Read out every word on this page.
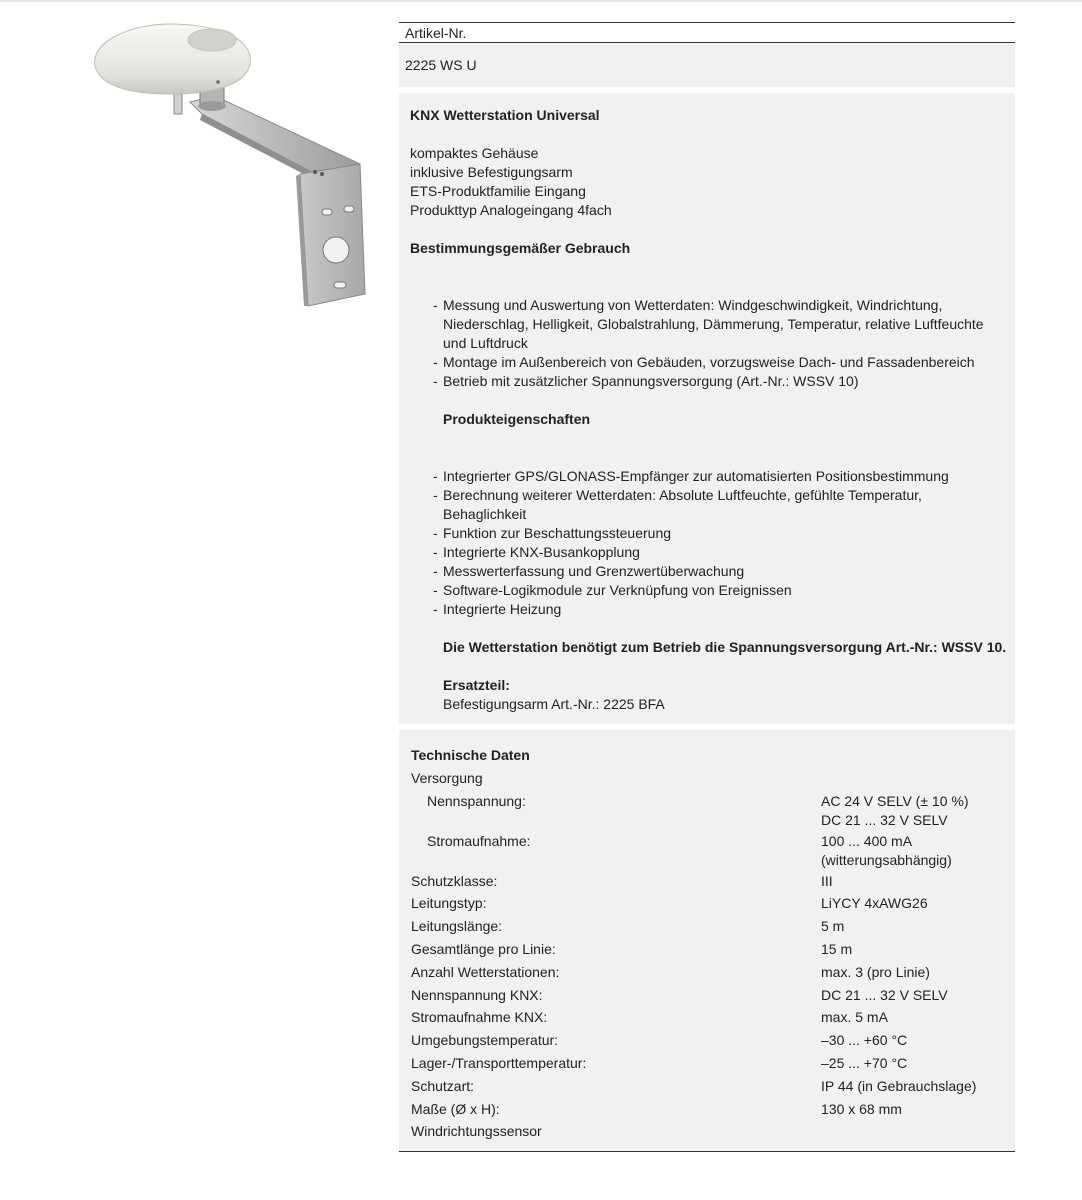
Artikel-Nr.
2225 WS U
KNX Wetterstation Universal
kompaktes Gehäuse
inklusive Befestigungsarm
ETS-Produktfamilie Eingang
Produkttyp Analogeingang 4fach
Bestimmungsgemäßer Gebrauch
- Messung und Auswertung von Wetterdaten: Windgeschwindigkeit, Windrichtung, Niederschlag, Helligkeit, Globalstrahlung, Dämmerung, Temperatur, relative Luftfeuchte und Luftdruck
- Montage im Außenbereich von Gebäuden, vorzugsweise Dach- und Fassadenbereich
- Betrieb mit zusätzlicher Spannungsversorgung (Art.-Nr.: WSSV 10)
Produkteigenschaften
- Integrierter GPS/GLONASS-Empfänger zur automatisierten Positionsbestimmung
- Berechnung weiterer Wetterdaten: Absolute Luftfeuchte, gefühlte Temperatur, Behaglichkeit
- Funktion zur Beschattungssteuerung
- Integrierte KNX-Busankopplung
- Messwerterfassung und Grenzwertüberwachung
- Software-Logikmodule zur Verknüpfung von Ereignissen
- Integrierte Heizung
Die Wetterstation benötigt zum Betrieb die Spannungsversorgung Art.-Nr.: WSSV 10.
Ersatzteil:
Befestigungsarm Art.-Nr.: 2225 BFA
Technische Daten
Versorgung
Nennspannung:	AC 24 V SELV (± 10 %)
DC 21 ... 32 V SELV
Stromaufnahme:	100 ... 400 mA
(witterungsabhängig)
Schutzklasse:	III
Leitungstyp:	LiYCY 4xAWG26
Leitungslänge:	5 m
Gesamtlänge pro Linie:	15 m
Anzahl Wetterstationen:	max. 3 (pro Linie)
Nennspannung KNX:	DC 21 ... 32 V SELV
Stromaufnahme KNX:	max. 5 mA
Umgebungstemperatur:	–30 ... +60 °C
Lager-/Transporttemperatur:	–25 ... +70 °C
Schutzart:	IP 44 (in Gebrauchslage)
Maße (Ø x H):	130 x 68 mm
Windrichtungssensor
